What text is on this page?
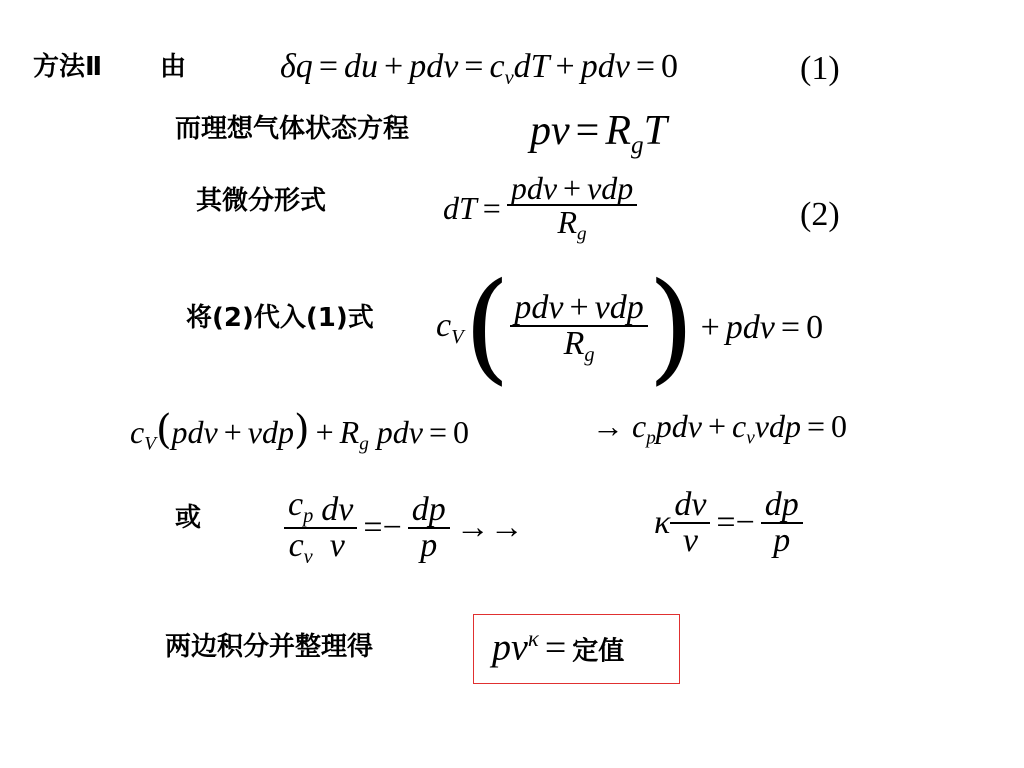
方法Ⅱ 由	δq = du + pdv = $c_vdT$ + pdv = 0	(1)
而理想气体状态方程	pv = $R_gT$
其微分形式	dT = $\frac{\text{pdv + vdp}}{R_g}$	(2)
将(2)代入(1)式 $c_V( \frac{\text{pdv + vdp}}{R_g}$ ) + pdv = 0
$c_V(pdv + vdp) + R_g$ pdv = 0	→ $c_ppdv + c_vvdp = 0$
或 $\frac{c_p}{c_v} \frac{dv}{v} =- \frac{dp}{p}$ →→	κ $\frac{dv}{v} =- \frac{dp}{p}$
两边积分并整理得	$pv^\kappa$ = 定值
